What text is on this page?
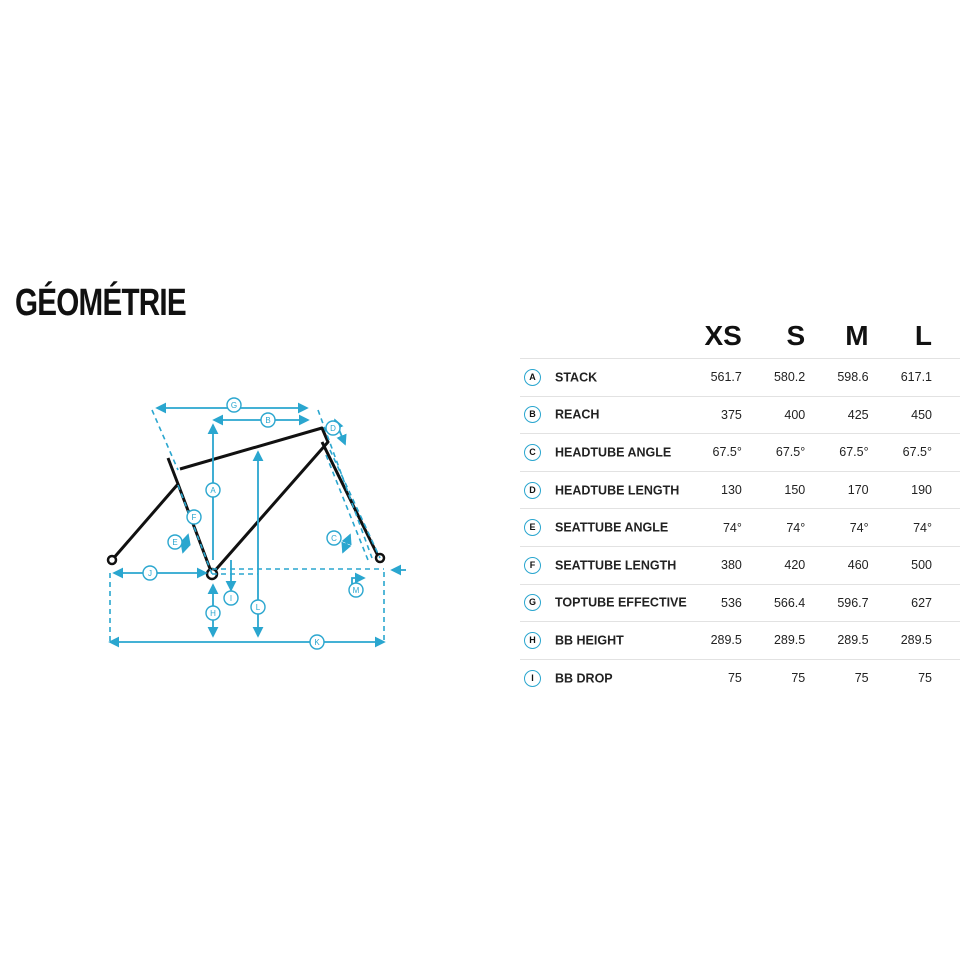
GÉOMÉTRIE
G
B
D
A
F
E	C
J
M
I
H
L
K
	XS	S	M	L
A STACK	561.7	580.2	598.6	617.1
B REACH	375	400	425	450
C HEADTUBE ANGLE	67.5°	67.5°	67.5°	67.5°
D HEADTUBE LENGTH	130	150	170	190
E SEATTUBE ANGLE	74°	74°	74°	74°
F SEATTUBE LENGTH	380	420	460	500
G TOPTUBE EFFECTIVE	536	566.4	596.7	627
H BB HEIGHT	289.5	289.5	289.5	289.5
I BB DROP	75	75	75	75
